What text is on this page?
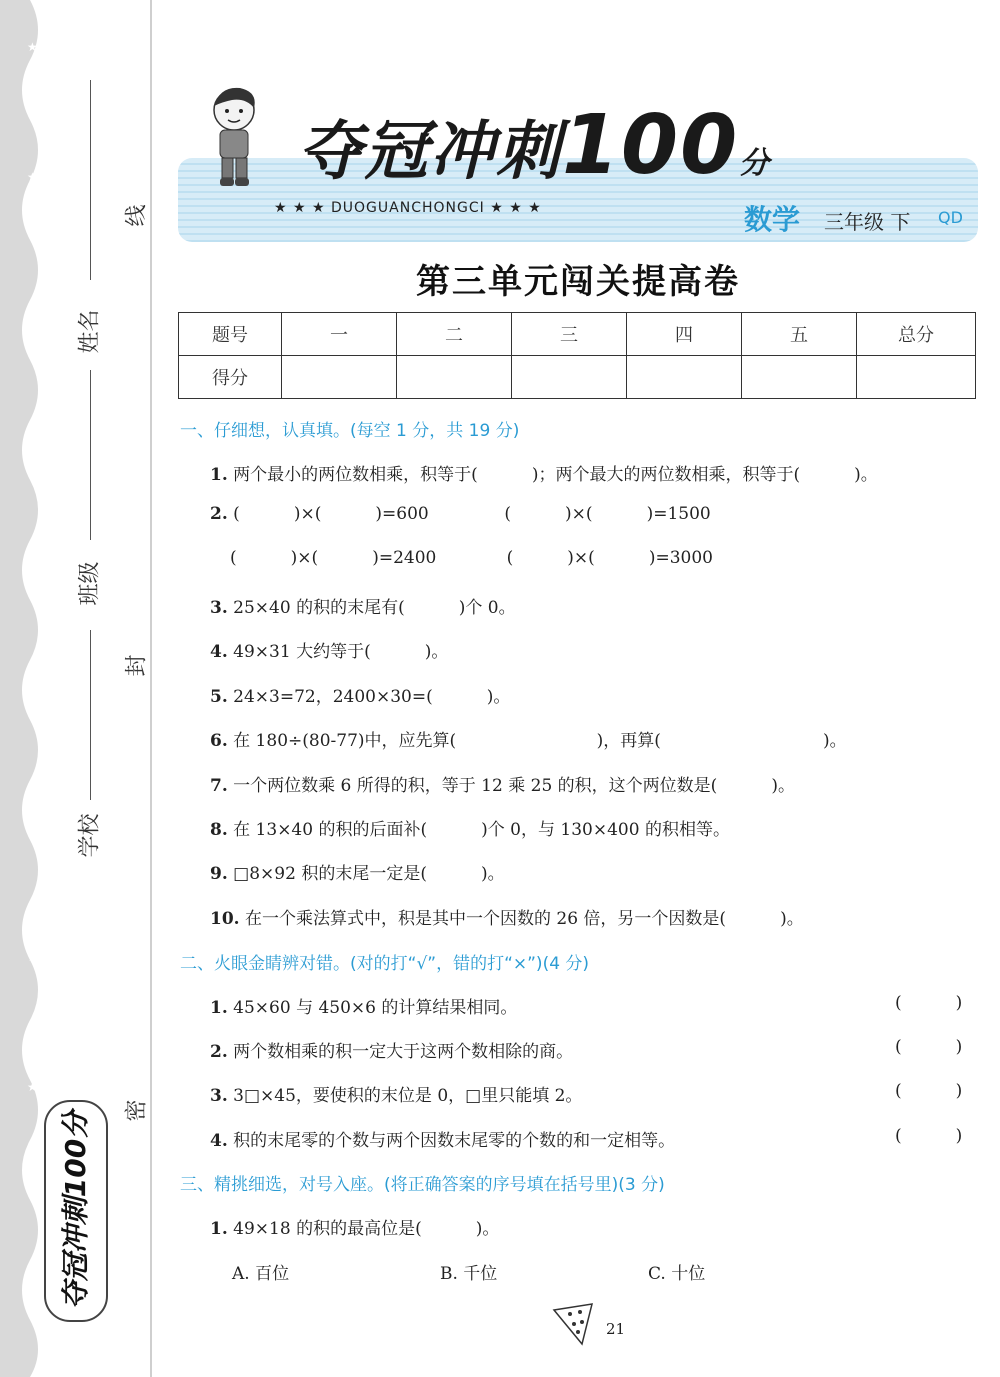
★
★
★
★
★
★
★
★
★
姓名
班级
学校
线
封
密
夺冠冲刺100分
夺冠冲刺100分
★ ★ ★ DUOGUANCHONGCI ★ ★ ★	数学 三年级 下 QD
第三单元闯关提高卷
题号	一	二	三	四	五	总分
得分						
一、仔细想，认真填。(每空 1 分，共 19 分)
1. 两个最小的两位数相乘，积等于(          )；两个最大的两位数相乘，积等于(          )。
2. (          )×(          )=600              (          )×(          )=1500
(          )×(          )=2400             (          )×(          )=3000
3. 25×40 的积的末尾有(          )个 0。
4. 49×31 大约等于(          )。
5. 24×3=72，2400×30=(          )。
6. 在 180÷(80-77)中，应先算(                          )，再算(                              )。
7. 一个两位数乘 6 所得的积，等于 12 乘 25 的积，这个两位数是(          )。
8. 在 13×40 的积的后面补(          )个 0，与 130×400 的积相等。
9. □8×92 积的末尾一定是(          )。
10. 在一个乘法算式中，积是其中一个因数的 26 倍，另一个因数是(          )。
二、火眼金睛辨对错。(对的打“√”，错的打“×”)(4 分)
1. 45×60 与 450×6 的计算结果相同。	(          )
2. 两个数相乘的积一定大于这两个数相除的商。	(          )
3. 3□×45，要使积的末位是 0，□里只能填 2。	(          )
4. 积的末尾零的个数与两个因数末尾零的个数的和一定相等。	(          )
三、精挑细选，对号入座。(将正确答案的序号填在括号里)(3 分)
1. 49×18 的积的最高位是(          )。
A. 百位	B. 千位	C. 十位
21
